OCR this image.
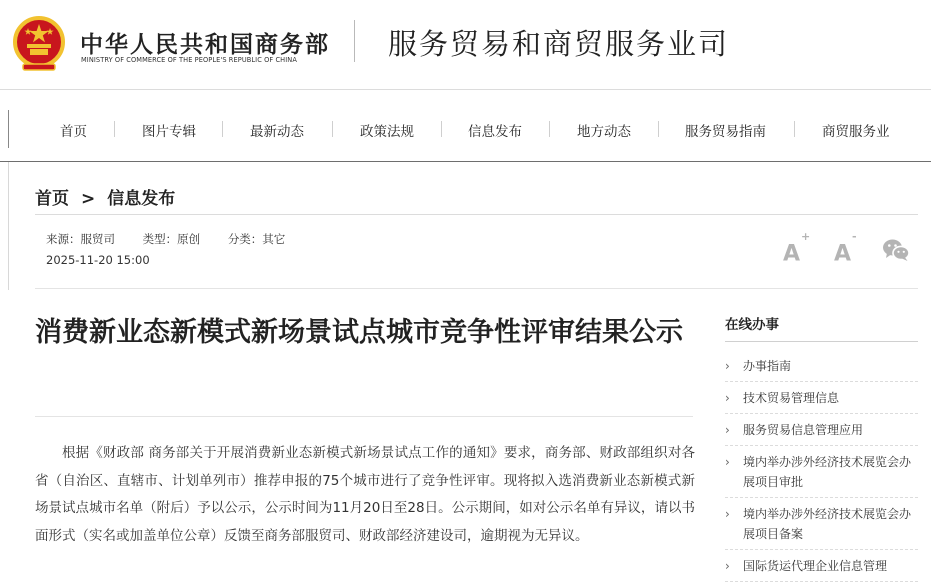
中华人民共和国商务部
MINISTRY OF COMMERCE OF THE PEOPLE'S REPUBLIC OF CHINA	服务贸易和商贸服务业司
首页	图片专辑	最新动态	政策法规	信息发布	地方动态	服务贸易指南	商贸服务业
首页 > 信息发布
来源：服贸司 类型：原创 分类：其它
2025-11-20 15:00	A+
A-
消费新业态新模式新场景试点城市竞争性评审结果公示

根据《财政部 商务部关于开展消费新业态新模式新场景试点工作的通知》要求，商务部、财政部组织对各省（自治区、直辖市、计划单列市）推荐申报的75个城市进行了竞争性评审。现将拟入选消费新业态新模式新场景试点城市名单（附后）予以公示，公示时间为11月20日至28日。公示期间，如对公示名单有异议，请以书面形式（实名或加盖单位公章）反馈至商务部服贸司、财政部经济建设司，逾期视为无异议。

在线办事
› 办事指南
› 技术贸易管理信息
› 服务贸易信息管理应用
› 境内举办涉外经济技术展览会办展项目审批
› 境内举办涉外经济技术展览会办展项目备案
› 国际货运代理企业信息管理
